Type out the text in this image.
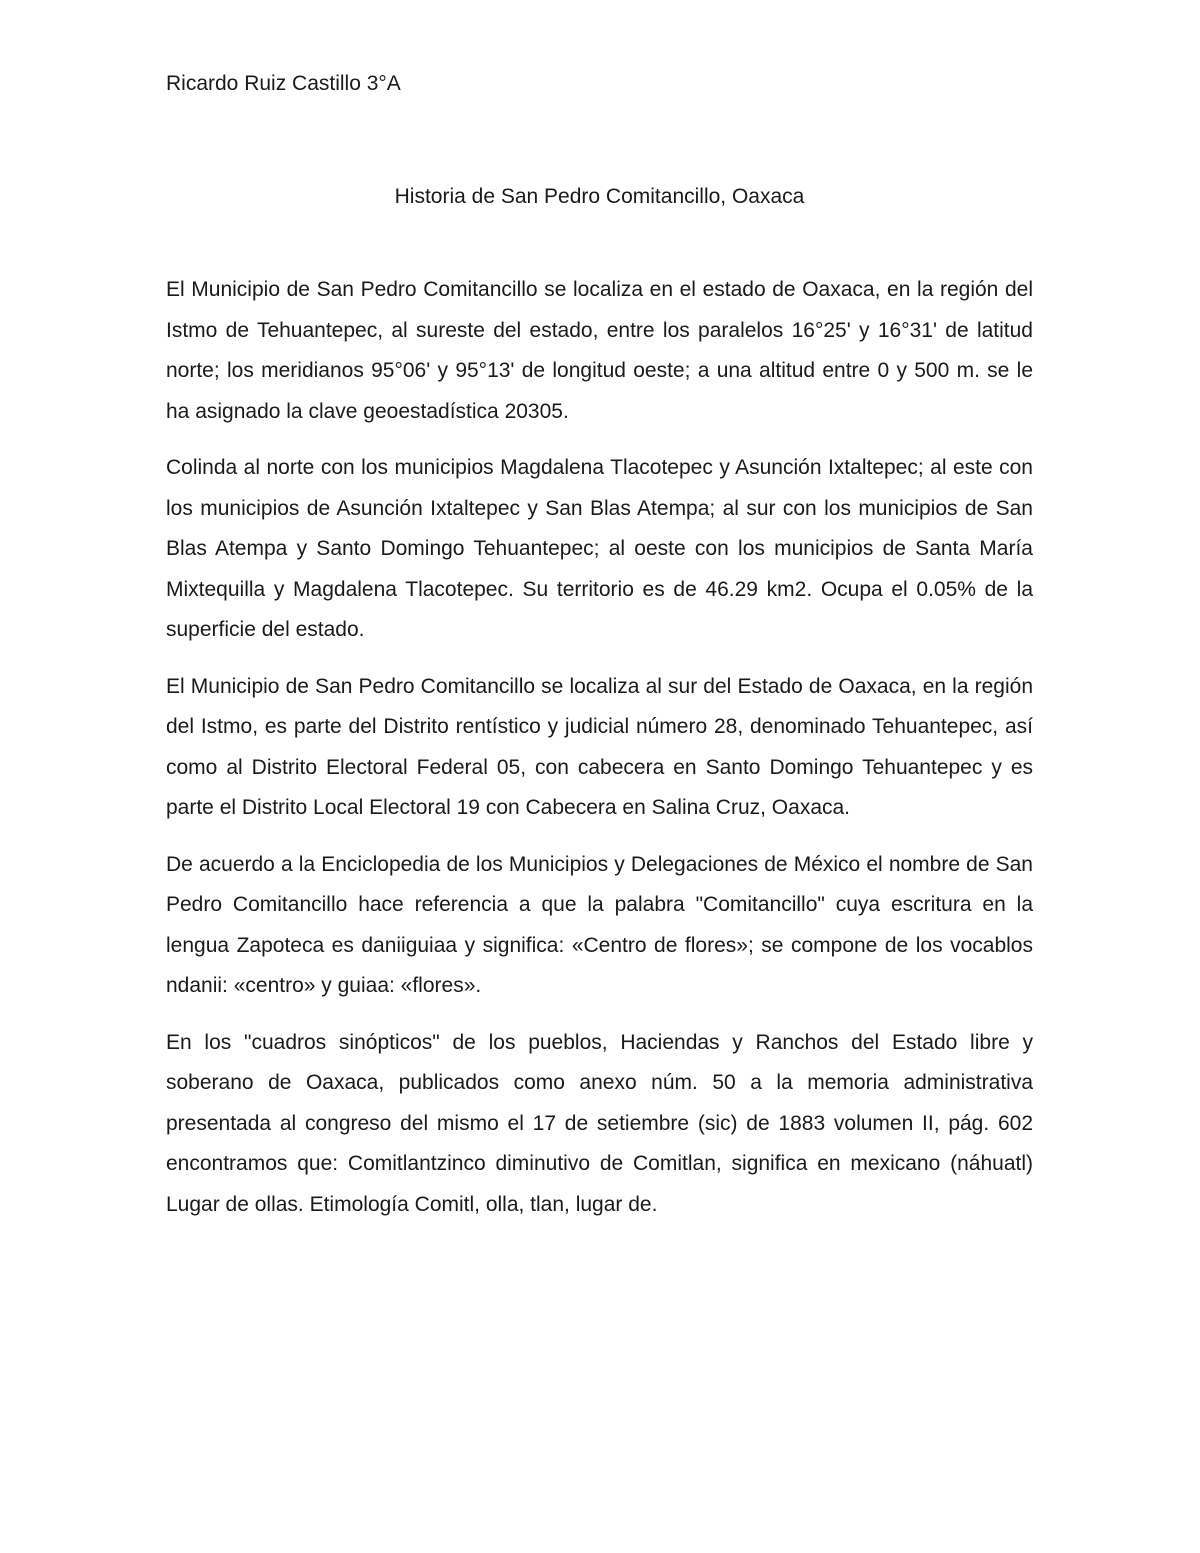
Ricardo Ruiz Castillo 3°A

Historia de San Pedro Comitancillo, Oaxaca

El Municipio de San Pedro Comitancillo se localiza en el estado de Oaxaca, en la región del Istmo de Tehuantepec, al sureste del estado, entre los paralelos 16°25' y 16°31' de latitud norte; los meridianos 95°06' y 95°13' de longitud oeste; a una altitud entre 0 y 500 m. se le ha asignado la clave geoestadística 20305.

Colinda al norte con los municipios Magdalena Tlacotepec y Asunción Ixtaltepec; al este con los municipios de Asunción Ixtaltepec y San Blas Atempa; al sur con los municipios de San Blas Atempa y Santo Domingo Tehuantepec; al oeste con los municipios de Santa María Mixtequilla y Magdalena Tlacotepec. Su territorio es de 46.29 km2. Ocupa el 0.05% de la superficie del estado.

El Municipio de San Pedro Comitancillo se localiza al sur del Estado de Oaxaca, en la región del Istmo, es parte del Distrito rentístico y judicial número 28, denominado Tehuantepec, así como al Distrito Electoral Federal 05, con cabecera en Santo Domingo Tehuantepec y es parte el Distrito Local Electoral 19 con Cabecera en Salina Cruz, Oaxaca.

De acuerdo a la Enciclopedia de los Municipios y Delegaciones de México el nombre de San Pedro Comitancillo hace referencia a que la palabra "Comitancillo" cuya escritura en la lengua Zapoteca es daniiguiaa y significa: «Centro de flores»; se compone de los vocablos ndanii: «centro» y guiaa: «flores».

En los "cuadros sinópticos" de los pueblos, Haciendas y Ranchos del Estado libre y soberano de Oaxaca, publicados como anexo núm. 50 a la memoria administrativa presentada al congreso del mismo el 17 de setiembre (sic) de 1883 volumen II, pág. 602 encontramos que: Comitlantzinco diminutivo de Comitlan, significa en mexicano (náhuatl) Lugar de ollas. Etimología Comitl, olla, tlan, lugar de.
